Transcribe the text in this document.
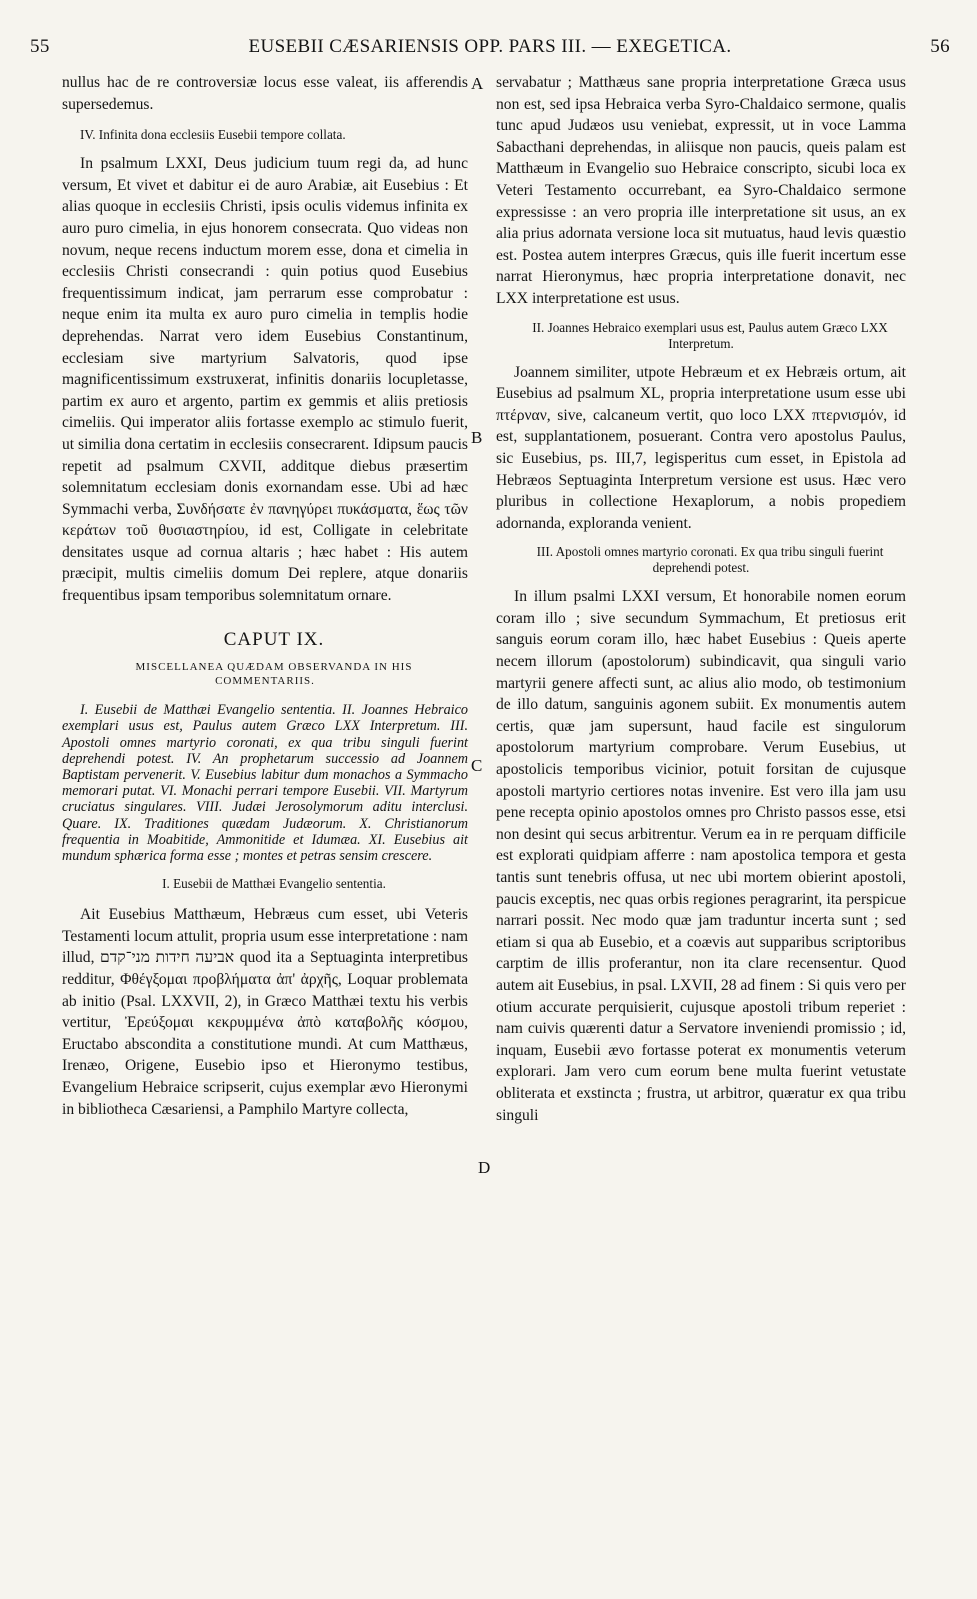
55	EUSEBII CÆSARIENSIS OPP. PARS III. — EXEGETICA.	56
A
B
C
D

nullus hac de re controversiæ locus esse valeat, iis afferendis supersedemus.

IV. Infinita dona ecclesiis Eusebii tempore collata.

In psalmum LXXI, Deus judicium tuum regi da, ad hunc versum, Et vivet et dabitur ei de auro Arabiæ, ait Eusebius : Et alias quoque in ecclesiis Christi, ipsis oculis videmus infinita ex auro puro cimelia, in ejus honorem consecrata. Quo videas non novum, neque recens inductum morem esse, dona et cimelia in ecclesiis Christi consecrandi : quin potius quod Eusebius frequentissimum indicat, jam perrarum esse comprobatur : neque enim ita multa ex auro puro cimelia in templis hodie deprehendas. Narrat vero idem Eusebius Constantinum, ecclesiam sive martyrium Salvatoris, quod ipse magnificentissimum exstruxerat, infinitis donariis locupletasse, partim ex auro et argento, partim ex gemmis et aliis pretiosis cimeliis. Qui imperator aliis fortasse exemplo ac stimulo fuerit, ut similia dona certatim in ecclesiis consecrarent. Idipsum paucis repetit ad psalmum CXVII, additque diebus præsertim solemnitatum ecclesiam donis exornandam esse. Ubi ad hæc Symmachi verba, Συνδήσατε ἐν πανηγύρει πυκάσματα, ἕως τῶν κεράτων τοῦ θυσιαστηρίου, id est, Colligate in celebritate densitates usque ad cornua altaris ; hæc habet : His autem præcipit, multis cimeliis domum Dei replere, atque donariis frequentibus ipsam temporibus solemnitatum ornare.

CAPUT IX.

MISCELLANEA QUÆDAM OBSERVANDA IN HIS COMMENTARIIS.

I. Eusebii de Matthæi Evangelio sententia. II. Joannes Hebraico exemplari usus est, Paulus autem Græco LXX Interpretum. III. Apostoli omnes martyrio coronati, ex qua tribu singuli fuerint deprehendi potest. IV. An prophetarum successio ad Joannem Baptistam pervenerit. V. Eusebius labitur dum monachos a Symmacho memorari putat. VI. Monachi perrari tempore Eusebii. VII. Martyrum cruciatus singulares. VIII. Judæi Jerosolymorum aditu interclusi. Quare. IX. Traditiones quædam Judæorum. X. Christianorum frequentia in Moabitide, Ammonitide et Idumæa. XI. Eusebius ait mundum sphærica forma esse ; montes et petras sensim crescere.

I. Eusebii de Matthæi Evangelio sententia.

Ait Eusebius Matthæum, Hebræus cum esset, ubi Veteris Testamenti locum attulit, propria usum esse interpretatione : nam illud, אביעה חידות מני־קדם quod ita a Septuaginta interpretibus redditur, Φθέγξομαι προβλήματα ἀπ' ἀρχῆς, Loquar problemata ab initio (Psal. LXXVII, 2), in Græco Matthæi textu his verbis vertitur, Ἐρεύξομαι κεκρυμμένα ἀπὸ καταβολῆς κόσμου, Eructabo abscondita a constitutione mundi. At cum Matthæus, Irenæo, Origene, Eusebio ipso et Hieronymo testibus, Evangelium Hebraice scripserit, cujus exemplar ævo Hieronymi in bibliotheca Cæsariensi, a Pamphilo Martyre collecta,

servabatur ; Matthæus sane propria interpretatione Græca usus non est, sed ipsa Hebraica verba Syro-Chaldaico sermone, qualis tunc apud Judæos usu veniebat, expressit, ut in voce Lamma Sabacthani deprehendas, in aliisque non paucis, queis palam est Matthæum in Evangelio suo Hebraice conscripto, sicubi loca ex Veteri Testamento occurrebant, ea Syro-Chaldaico sermone expressisse : an vero propria ille interpretatione sit usus, an ex alia prius adornata versione loca sit mutuatus, haud levis quæstio est. Postea autem interpres Græcus, quis ille fuerit incertum esse narrat Hieronymus, hæc propria interpretatione donavit, nec LXX interpretatione est usus.

II. Joannes Hebraico exemplari usus est, Paulus autem Græco LXX Interpretum.

Joannem similiter, utpote Hebræum et ex Hebræis ortum, ait Eusebius ad psalmum XL, propria interpretatione usum esse ubi πτέρναν, sive, calcaneum vertit, quo loco LXX πτερνισμόν, id est, supplantationem, posuerant. Contra vero apostolus Paulus, sic Eusebius, ps. III,7, legisperitus cum esset, in Epistola ad Hebræos Septuaginta Interpretum versione est usus. Hæc vero pluribus in collectione Hexaplorum, a nobis propediem adornanda, exploranda venient.

III. Apostoli omnes martyrio coronati. Ex qua tribu singuli fuerint deprehendi potest.

In illum psalmi LXXI versum, Et honorabile nomen eorum coram illo ; sive secundum Symmachum, Et pretiosus erit sanguis eorum coram illo, hæc habet Eusebius : Queis aperte necem illorum (apostolorum) subindicavit, qua singuli vario martyrii genere affecti sunt, ac alius alio modo, ob testimonium de illo datum, sanguinis agonem subiit. Ex monumentis autem certis, quæ jam supersunt, haud facile est singulorum apostolorum martyrium comprobare. Verum Eusebius, ut apostolicis temporibus vicinior, potuit forsitan de cujusque apostoli martyrio certiores notas invenire. Est vero illa jam usu pene recepta opinio apostolos omnes pro Christo passos esse, etsi non desint qui secus arbitrentur. Verum ea in re perquam difficile est explorati quidpiam afferre : nam apostolica tempora et gesta tantis sunt tenebris offusa, ut nec ubi mortem obierint apostoli, paucis exceptis, nec quas orbis regiones peragrarint, ita perspicue narrari possit. Nec modo quæ jam traduntur incerta sunt ; sed etiam si qua ab Eusebio, et a coævis aut supparibus scriptoribus carptim de illis proferantur, non ita clare recensentur. Quod autem ait Eusebius, in psal. LXVII, 28 ad finem : Si quis vero per otium accurate perquisierit, cujusque apostoli tribum reperiet : nam cuivis quærenti datur a Servatore inveniendi promissio ; id, inquam, Eusebii ævo fortasse poterat ex monumentis veterum explorari. Jam vero cum eorum bene multa fuerint vetustate obliterata et exstincta ; frustra, ut arbitror, quæratur ex qua tribu singuli
